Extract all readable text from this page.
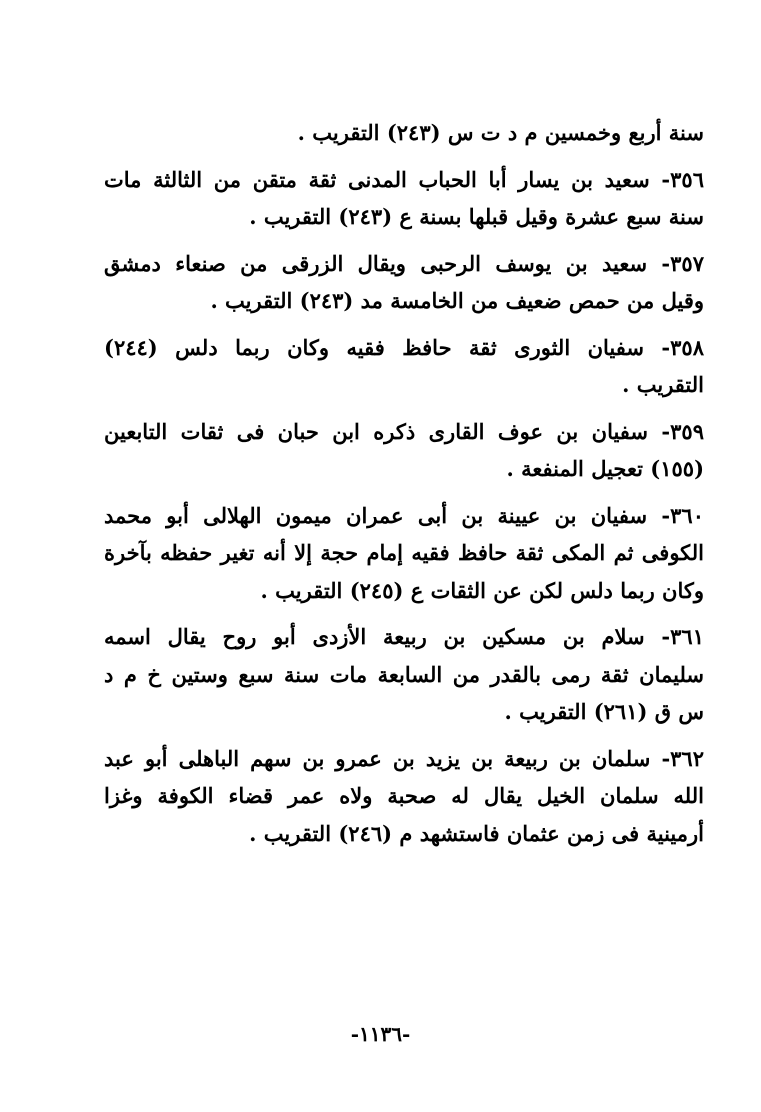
سنة أربع وخمسين م د ت س (٢٤٣) التقريب .

٣٥٦- سعيد بن يسار أبا الحباب المدنى ثقة متقن من الثالثة مات

سنة سبع عشرة وقيل قبلها بسنة ع (٢٤٣) التقريب .

٣٥٧- سعيد بن يوسف الرحبى ويقال الزرقى من صنعاء دمشق

وقيل من حمص ضعيف من الخامسة مد (٢٤٣) التقريب .

٣٥٨- سفيان الثورى ثقة حافظ فقيه وكان ربما دلس (٢٤٤)

التقريب .

٣٥٩- سفيان بن عوف القارى ذكره ابن حبان فى ثقات التابعين

(١٥٥) تعجيل المنفعة .

٣٦٠- سفيان بن عيينة بن أبى عمران ميمون الهلالى أبو محمد

الكوفى ثم المكى ثقة حافظ فقيه إمام حجة إلا أنه تغير حفظه بآخرة

وكان ربما دلس لكن عن الثقات ع (٢٤٥) التقريب .

٣٦١- سلام بن مسكين بن ربيعة الأزدى أبو روح يقال اسمه

سليمان ثقة رمى بالقدر من السابعة مات سنة سبع وستين خ م د

س ق (٢٦١) التقريب .

٣٦٢- سلمان بن ربيعة بن يزيد بن عمرو بن سهم الباهلى أبو عبد

الله سلمان الخيل يقال له صحبة ولاه عمر قضاء الكوفة وغزا

أرمينية فى زمن عثمان فاستشهد م (٢٤٦) التقريب .

-١١٣٦-
